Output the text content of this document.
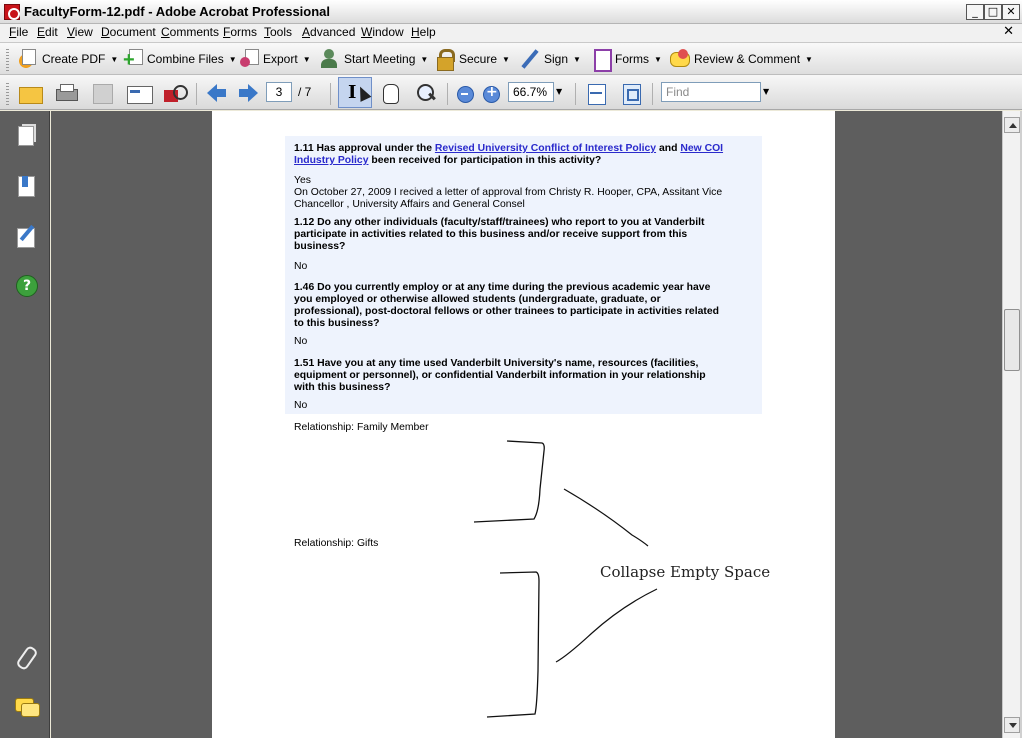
FacultyForm-12.pdf - Adobe Acrobat Professional	_ □ ✕
File Edit View Document Comments Forms Tools Advanced Window Help	✕
Create PDF ▼ + Combine Files ▼ Export ▼	Start Meeting ▼	Secure ▼	Sign ▼	Forms ▼	Review & Comment ▼
+
3	/ 7 I	66.7%	▼	Find	▼
?
1.11 Has approval under the Revised University Conflict of Interest Policy and New COI Industry Policy been received for participation in this activity?
Yes
On October 27, 2009 I recived a letter of approval from Christy R. Hooper, CPA, Assitant Vice Chancellor , University Affairs and General Consel
1.12 Do any other individuals (faculty/staff/trainees) who report to you at Vanderbilt participate in activities related to this business and/or receive support from this business?
No
1.46 Do you currently employ or at any time during the previous academic year have you employed or otherwise allowed students (undergraduate, graduate, or professional), post-doctoral fellows or other trainees to participate in activities related to this business?
No
1.51 Have you at any time used Vanderbilt University's name, resources (facilities, equipment or personnel), or confidential Vanderbilt information in your relationship with this business?
No
Relationship: Family Member
Relationship: Gifts
Collapse Empty Space
